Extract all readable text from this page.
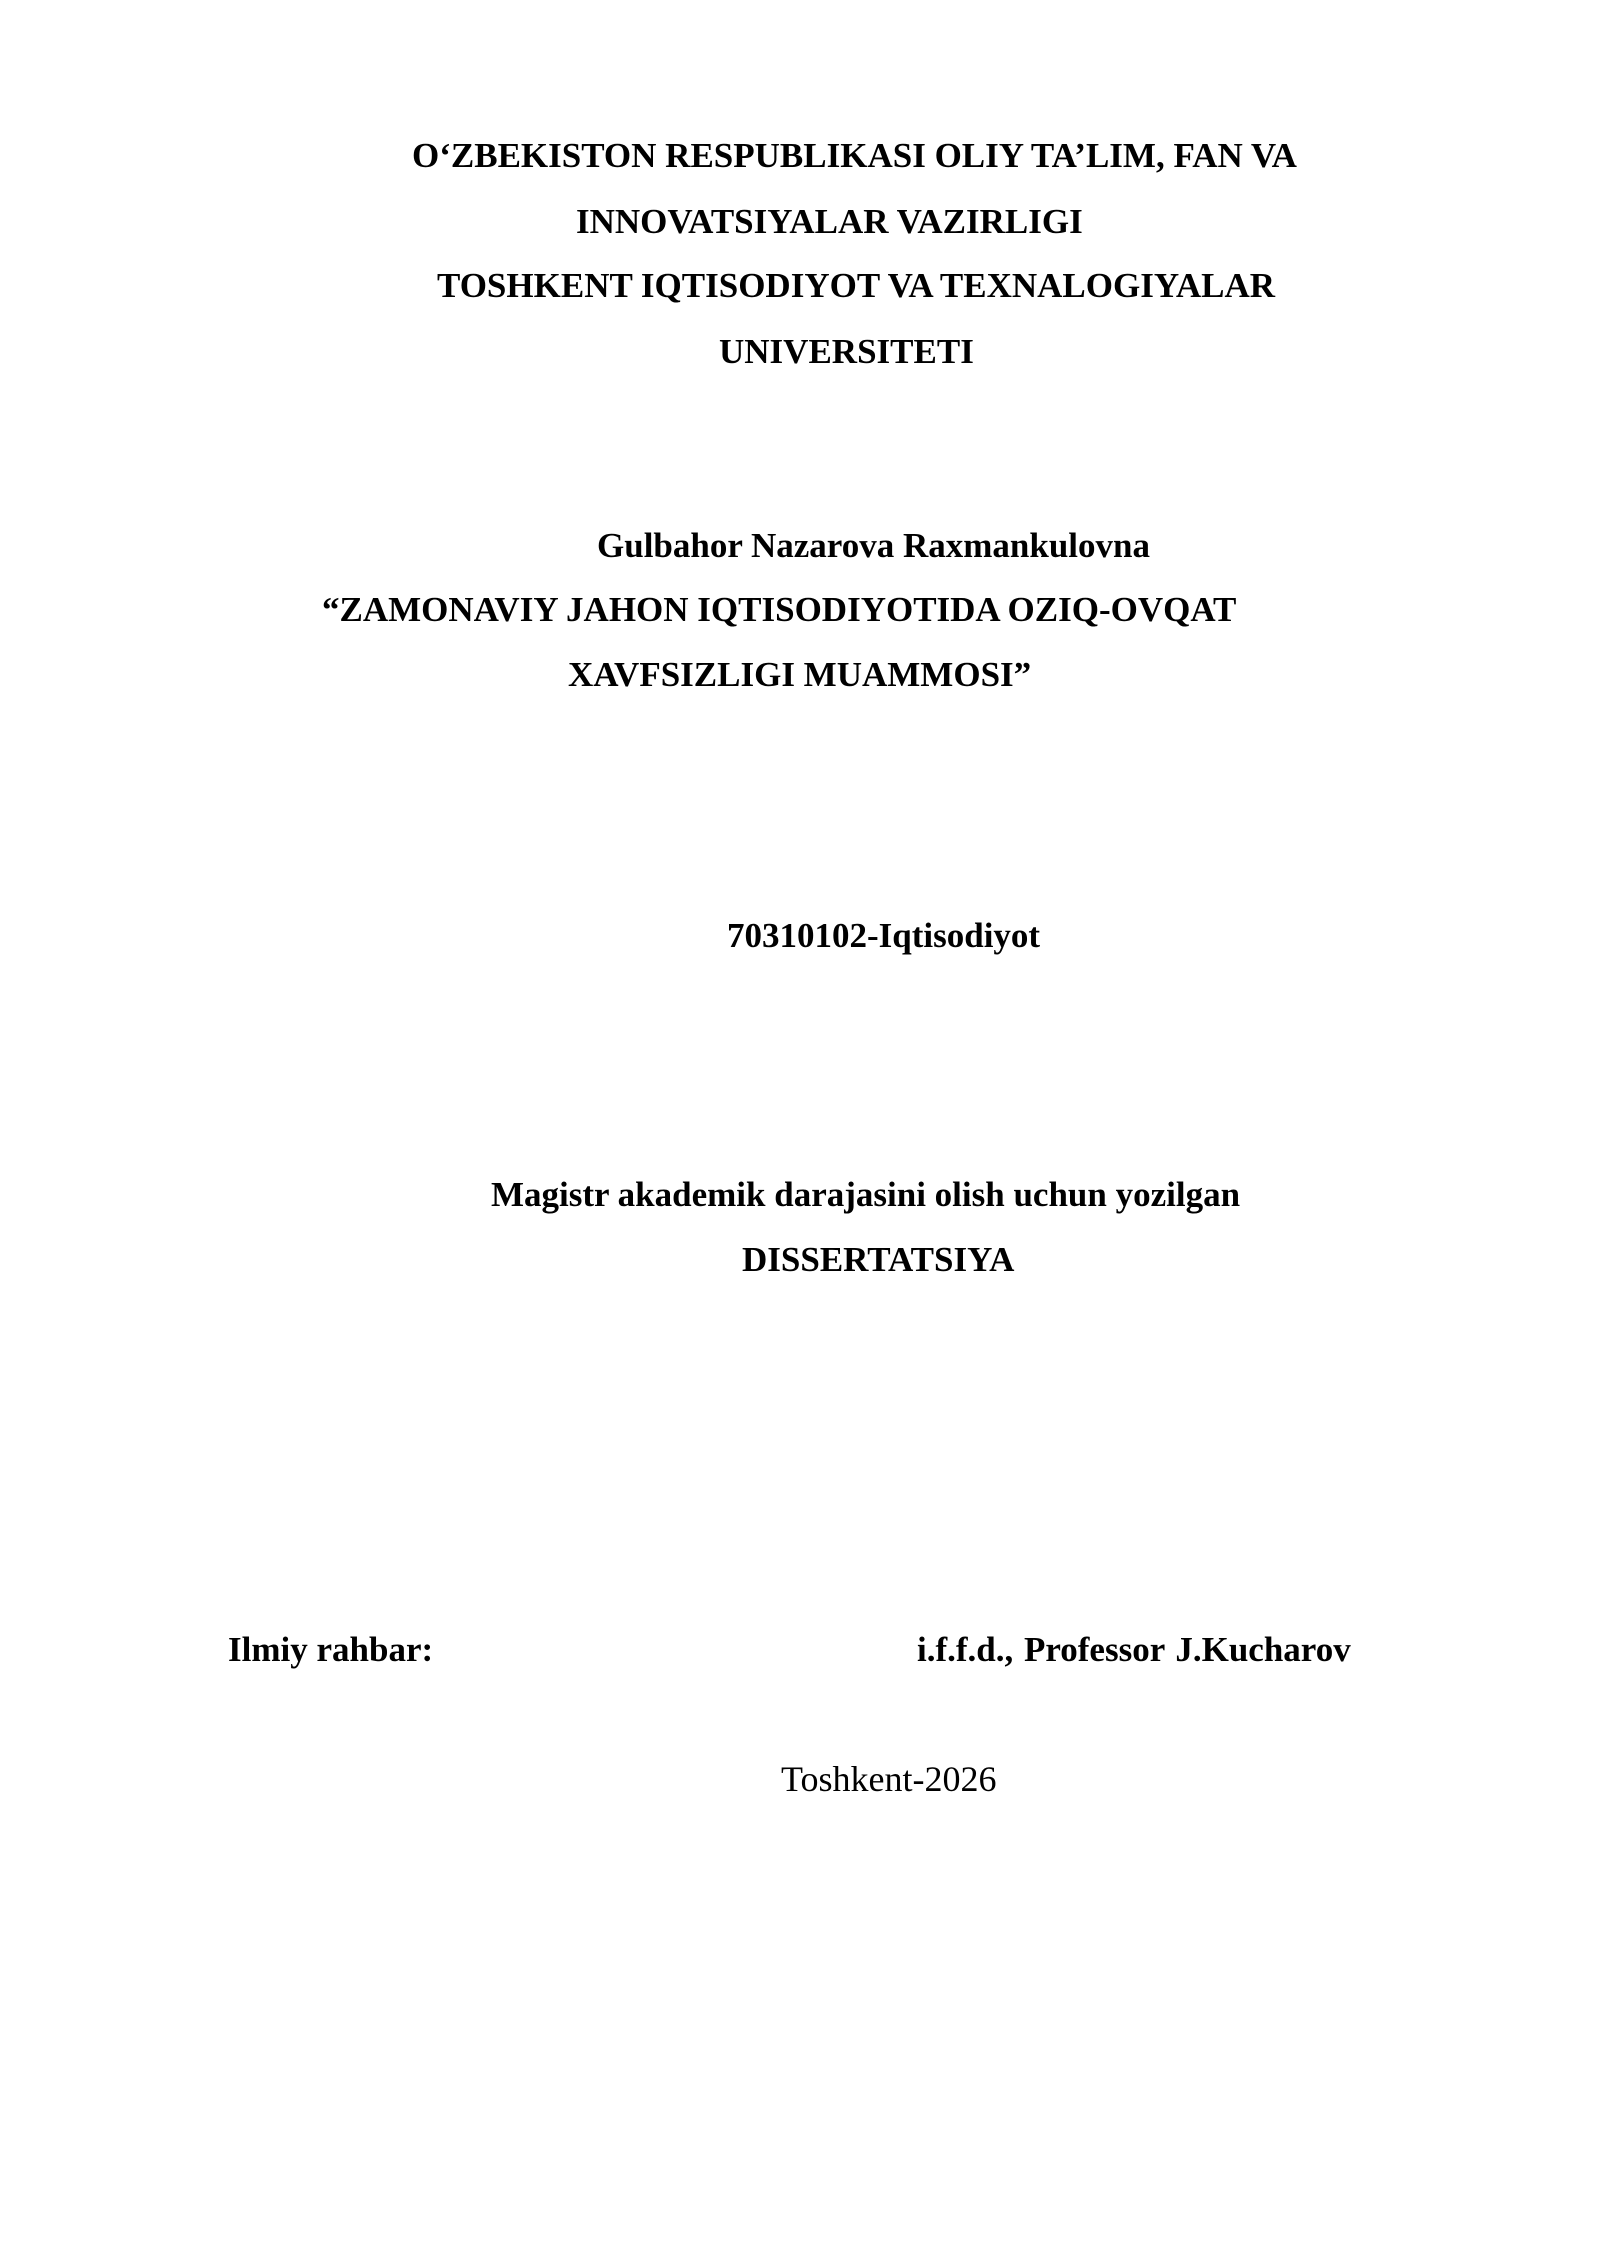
O‘ZBEKISTON RESPUBLIKASI OLIY TA’LIM, FAN VA
INNOVATSIYALAR VAZIRLIGI
TOSHKENT IQTISODIYOT VA TEXNALOGIYALAR
UNIVERSITETI
Gulbahor Nazarova Raxmankulovna
“ZAMONAVIY JAHON IQTISODIYOTIDA OZIQ-OVQAT
XAVFSIZLIGI MUAMMOSI”
70310102-Iqtisodiyot
Magistr akademik darajasini olish uchun yozilgan
DISSERTATSIYA
Ilmiy rahbar:	i.f.f.d., Professor J.Kucharov
Toshkent-2026
